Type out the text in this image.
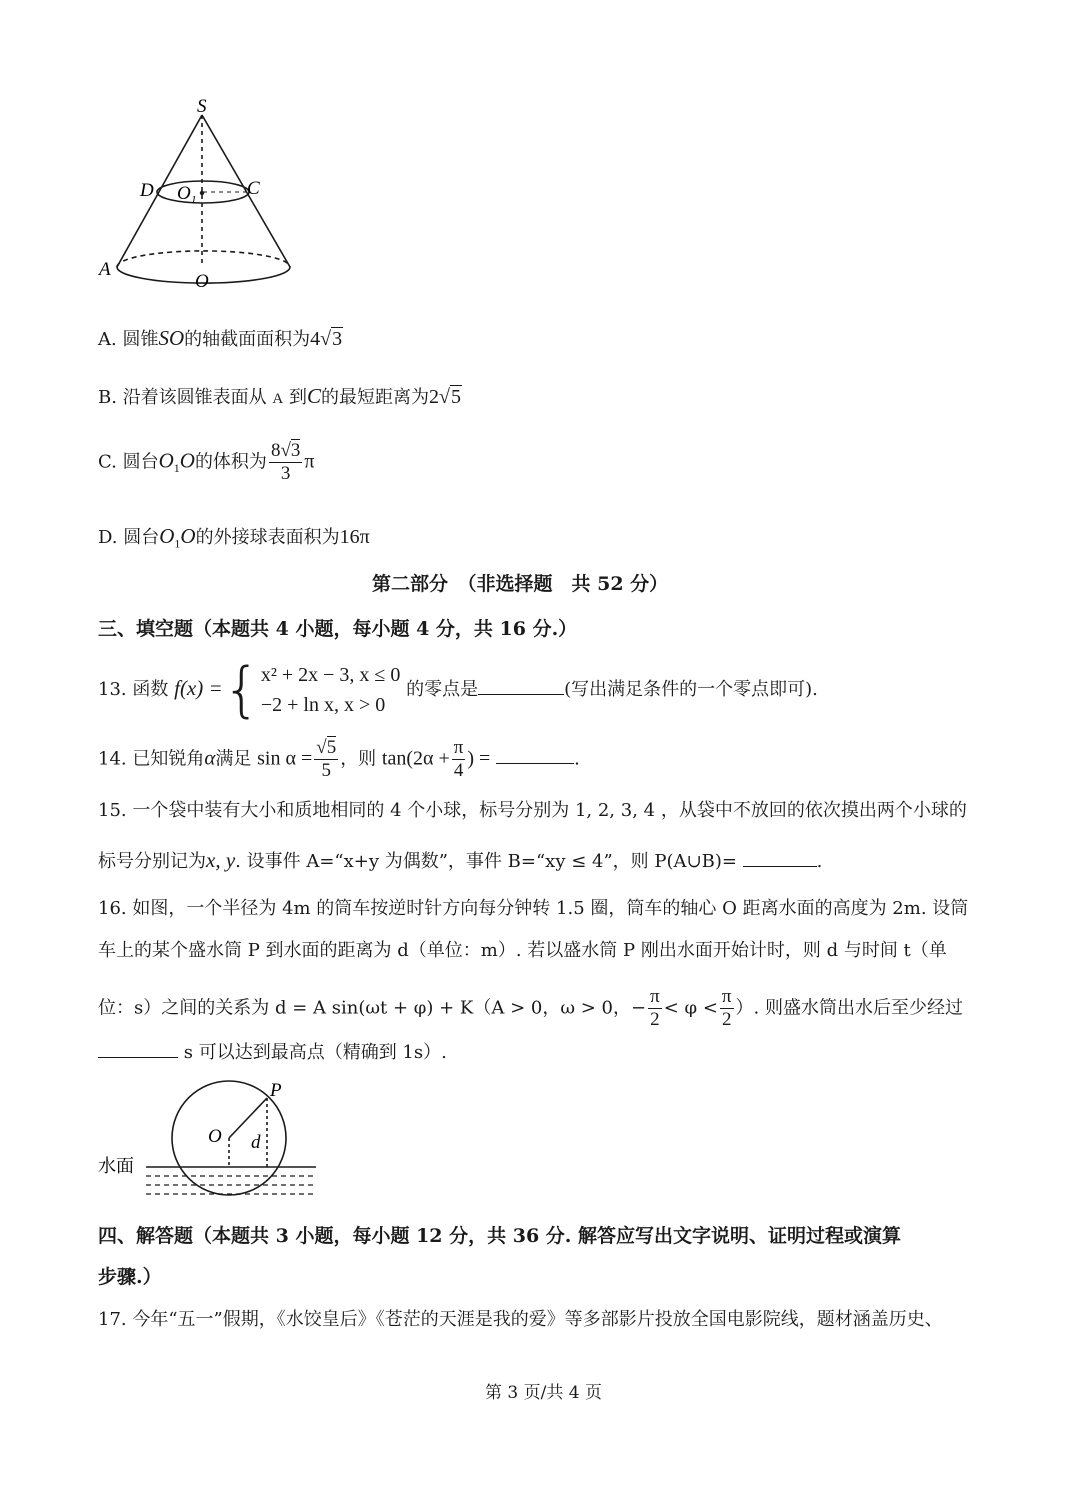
S
D O 1
C
A
O
A. 圆锥SO的轴截面面积为4√3
B. 沿着该圆锥表面从 A 到C的最短距离为2√5
C. 圆台$O_1O$的体积为 $\frac{8√3}{3}$ π
D. 圆台$O_1O$的外接球表面积为16π
第二部分　（非选择题　共 52 分）
三、填空题（本题共 4 小题，每小题 4 分，共 16 分.）
13. 函数 f(x) ={ x² + 2x − 3, x ≤ 0
−2 + ln x, x > 0
的零点是	(写出满足条件的一个零点即可).
14. 已知锐角α满足 $\sin \alpha = \frac{√5}{5}$ ，则 $\tan(2\alpha + \frac{\pi}{4}$ ) =	.
15. 一个袋中装有大小和质地相同的 4 个小球，标号分别为 1, 2, 3, 4 ，从袋中不放回的依次摸出两个小球的
标号分别记为x, y. 设事件 A=“x+y 为偶数”，事件 B=“xy ≤ 4”，则 P(A∪B)=	.
16. 如图，一个半径为 4m 的筒车按逆时针方向每分钟转 1.5 圈，筒车的轴心 O 距离水面的高度为 2m. 设筒
车上的某个盛水筒 P 到水面的距离为 d（单位：m）. 若以盛水筒 P 刚出水面开始计时，则 d 与时间 t（单
位：s）之间的关系为 d = A sin(ωt + φ) + K（A > 0，ω > 0，− $\frac{\pi}{2} < \varphi < \frac{\pi}{2}$ ）. 则盛水筒出水后至少经过
s 可以达到最高点（精确到 1s）.
P
O d
水面
四、解答题（本题共 3 小题，每小题 12 分，共 36 分. 解答应写出文字说明、证明过程或演算
步骤.）
17. 今年“五一”假期，《水饺皇后》《苍茫的天涯是我的爱》等多部影片投放全国电影院线，题材涵盖历史、
第 3 页/共 4 页
